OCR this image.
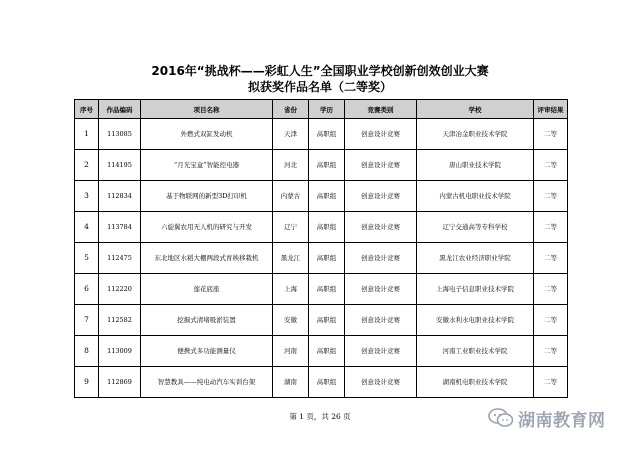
2016年“挑战杯——彩虹人生”全国职业学校创新创效创业大赛
拟获奖作品名单（二等奖）
序号	作品编码	项目名称	省份	学历	竞赛类别	学校	评审结果
1	113085	外燃式双缸发动机	天津	高职组	创意设计竞赛	天津冶金职业技术学院	二等
2	114195	“月光宝盒”智能控电器	河北	高职组	创意设计竞赛	唐山职业技术学院	二等
3	112834	基于物联网的新型3D打印机	内蒙古	高职组	创意设计竞赛	内蒙古机电职业技术学院	二等
4	113784	六旋翼农用无人机的研究与开发	辽宁	高职组	创意设计竞赛	辽宁交通高等专科学校	二等
5	112475	东北地区水稻大棚两段式育秧移栽机	黑龙江	高职组	创意设计竞赛	黑龙江农业经济职业学院	二等
6	112220	莲花底座	上海	高职组	创意设计竞赛	上海电子信息职业技术学院	二等
7	112582	挖掘式清堵吸淤装置	安徽	高职组	创意设计竞赛	安徽水利水电职业技术学院	二等
8	113009	便携式多功能测量仪	河南	高职组	创意设计竞赛	河南工业职业技术学院	二等
9	112869	智慧教具——纯电动汽车实训台架	湖南	高职组	创意设计竞赛	湖南机电职业技术学院	二等
第 1 页，共 26 页	湖南教育网
